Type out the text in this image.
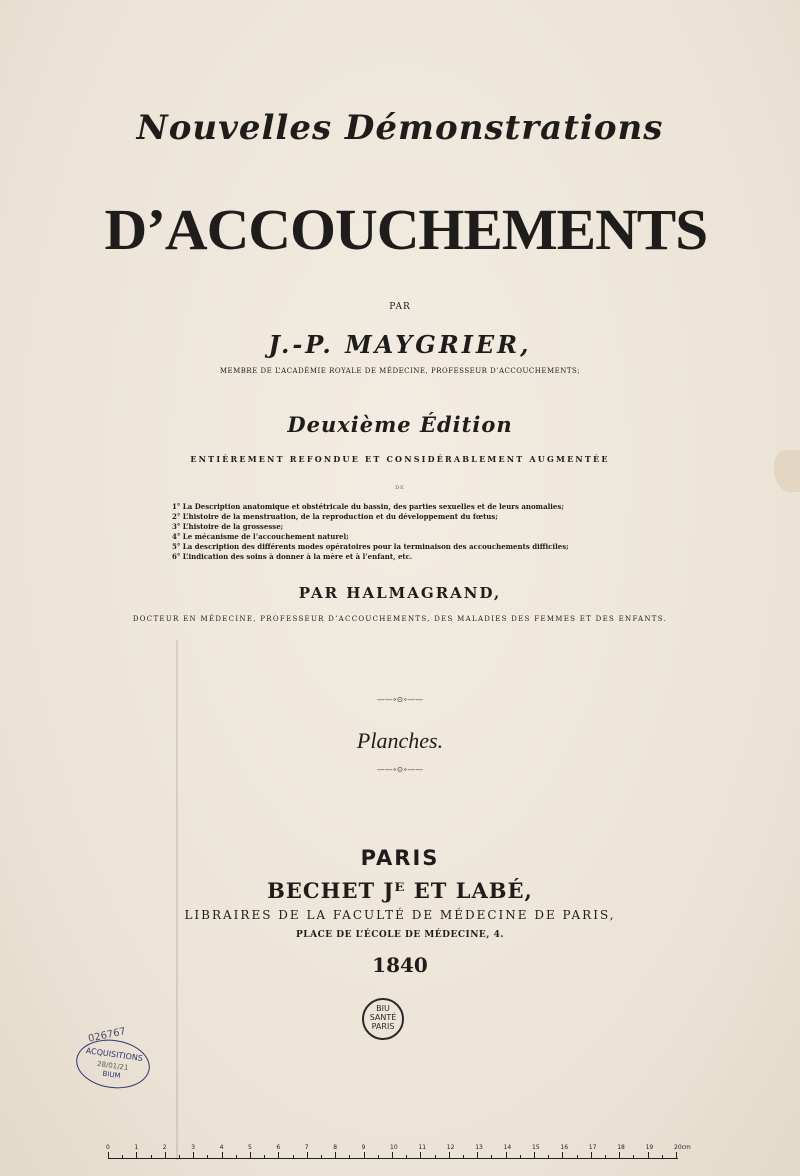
Nouvelles Démonstrations
D’ACCOUCHEMENTS
PAR
J.-P. MAYGRIER,
MEMBRE DE L’ACADÉMIE ROYALE DE MÉDECINE, PROFESSEUR D’ACCOUCHEMENTS;
Deuxième Édition
ENTIÈREMENT REFONDUE ET CONSIDÉRABLEMENT AUGMENTÉE
DE
1° La Description anatomique et obstétricale du bassin, des parties sexuelles et de leurs anomalies;
2° L’histoire de la menstruation, de la reproduction et du développement du fœtus;
3° L’histoire de la grossesse;
4° Le mécanisme de l’accouchement naturel;
5° La description des différents modes opératoires pour la terminaison des accouchements difficiles;
6° L’indication des soins à donner à la mère et à l’enfant, etc.
PAR HALMAGRAND,
DOCTEUR EN MÉDECINE, PROFESSEUR D’ACCOUCHEMENTS, DES MALADIES DES FEMMES ET DES ENFANTS.
——∘⊙∘——
Planches.
——∘⊙∘——
PARIS
BECHET Jᴱ ET LABÉ,
LIBRAIRES DE LA FACULTÉ DE MÉDECINE DE PARIS,
PLACE DE L’ÉCOLE DE MÉDECINE, 4.
1840
BIU
SANTÉ
PARIS
026767
ACQUISITIONS
28/01/21
BIUM
0	1	2	3	4	5	6	7	8	9	10	11	12	13	14	15	16	17	18	19	20cm
